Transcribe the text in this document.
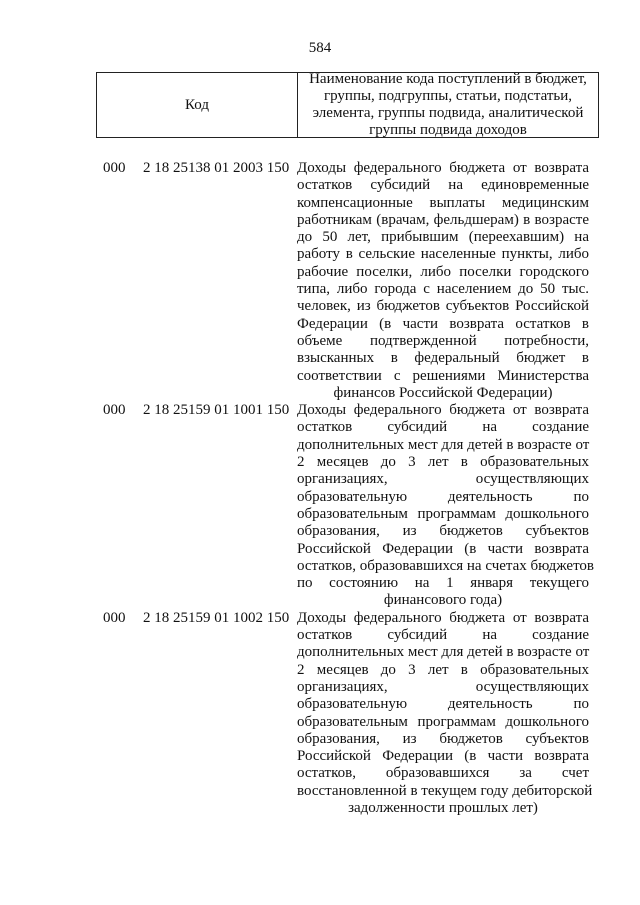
584
Код
Наименование кода поступлений в бюджет, группы, подгруппы, статьи, подстатьи, элемента, группы подвида, аналитической группы подвида доходов
000 2 18 25138 01 2003 150 Доходы федерального бюджета от возврата
остатков субсидий на единовременные
компенсационные выплаты медицинским
работникам (врачам, фельдшерам) в возрасте
до 50 лет, прибывшим (переехавшим) на
работу в сельские населенные пункты, либо
рабочие поселки, либо поселки городского
типа, либо города с населением до 50 тыс.
человек, из бюджетов субъектов Российской
Федерации (в части возврата остатков в
объеме подтвержденной потребности,
взысканных в федеральный бюджет в
соответствии с решениями Министерства
финансов Российской Федерации)
000 2 18 25159 01 1001 150 Доходы федерального бюджета от возврата
остатков субсидий на создание
дополнительных мест для детей в возрасте от
2 месяцев до 3 лет в образовательных
организациях, осуществляющих
образовательную деятельность по
образовательным программам дошкольного
образования, из бюджетов субъектов
Российской Федерации (в части возврата
остатков, образовавшихся на счетах бюджетов
по состоянию на 1 января текущего
финансового года)
000 2 18 25159 01 1002 150 Доходы федерального бюджета от возврата
остатков субсидий на создание
дополнительных мест для детей в возрасте от
2 месяцев до 3 лет в образовательных
организациях, осуществляющих
образовательную деятельность по
образовательным программам дошкольного
образования, из бюджетов субъектов
Российской Федерации (в части возврата
остатков, образовавшихся за счет
восстановленной в текущем году дебиторской
задолженности прошлых лет)
